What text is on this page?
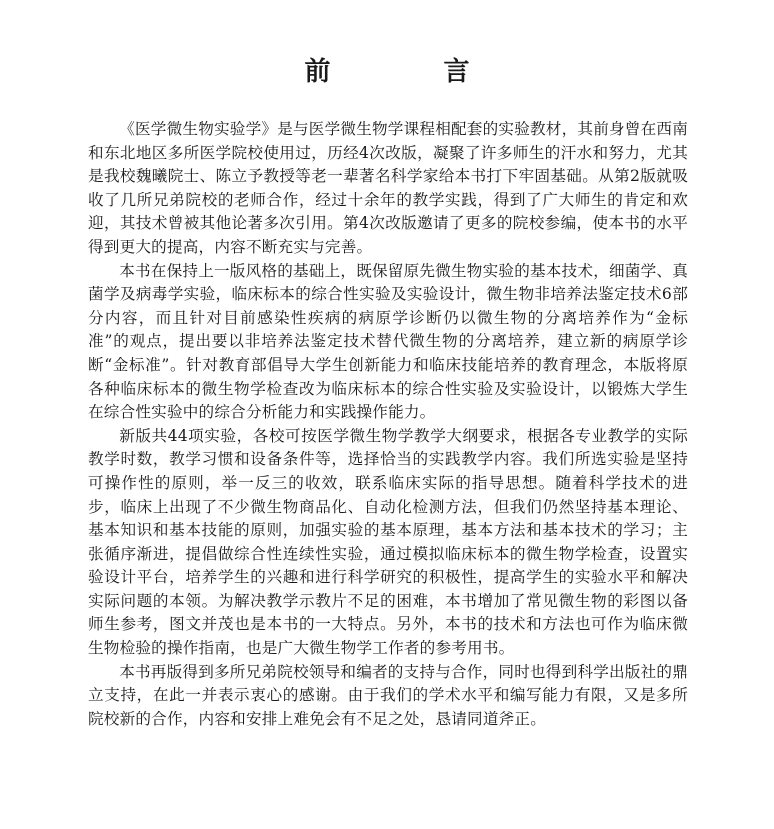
前 言

《医学微生物实验学》是与医学微生物学课程相配套的实验教材，其前身曾在西南和东北地区多所医学院校使用过，历经4次改版，凝聚了许多师生的汗水和努力，尤其是我校魏曦院士、陈立予教授等老一辈著名科学家给本书打下牢固基础。从第2版就吸收了几所兄弟院校的老师合作，经过十余年的教学实践，得到了广大师生的肯定和欢迎，其技术曾被其他论著多次引用。第4次改版邀请了更多的院校参编，使本书的水平得到更大的提高，内容不断充实与完善。

本书在保持上一版风格的基础上，既保留原先微生物实验的基本技术，细菌学、真菌学及病毒学实验，临床标本的综合性实验及实验设计，微生物非培养法鉴定技术6部分内容，而且针对目前感染性疾病的病原学诊断仍以微生物的分离培养作为“金标准”的观点，提出要以非培养法鉴定技术替代微生物的分离培养，建立新的病原学诊断“金标准”。针对教育部倡导大学生创新能力和临床技能培养的教育理念，本版将原各种临床标本的微生物学检查改为临床标本的综合性实验及实验设计，以锻炼大学生在综合性实验中的综合分析能力和实践操作能力。

新版共44项实验，各校可按医学微生物学教学大纲要求，根据各专业教学的实际教学时数，教学习惯和设备条件等，选择恰当的实践教学内容。我们所选实验是坚持可操作性的原则，举一反三的收效，联系临床实际的指导思想。随着科学技术的进步，临床上出现了不少微生物商品化、自动化检测方法，但我们仍然坚持基本理论、基本知识和基本技能的原则，加强实验的基本原理，基本方法和基本技术的学习；主张循序渐进，提倡做综合性连续性实验，通过模拟临床标本的微生物学检查，设置实验设计平台，培养学生的兴趣和进行科学研究的积极性，提高学生的实验水平和解决实际问题的本领。为解决教学示教片不足的困难，本书增加了常见微生物的彩图以备师生参考，图文并茂也是本书的一大特点。另外，本书的技术和方法也可作为临床微生物检验的操作指南，也是广大微生物学工作者的参考用书。

本书再版得到多所兄弟院校领导和编者的支持与合作，同时也得到科学出版社的鼎立支持，在此一并表示衷心的感谢。由于我们的学术水平和编写能力有限，又是多所院校新的合作，内容和安排上难免会有不足之处，恳请同道斧正。
